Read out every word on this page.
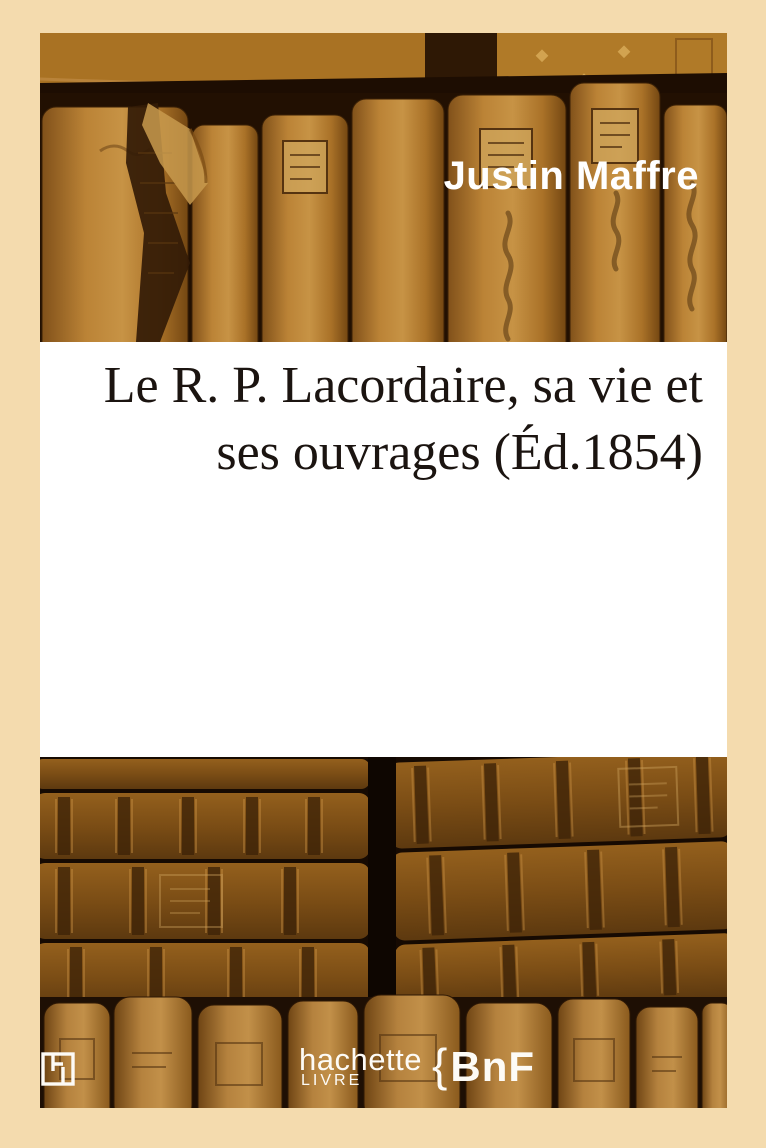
Le R. P. Lacordaire, sa vie et
ses ouvrages (Éd.1854)
Justin Maffre
hachette
LIVRE { BnF
